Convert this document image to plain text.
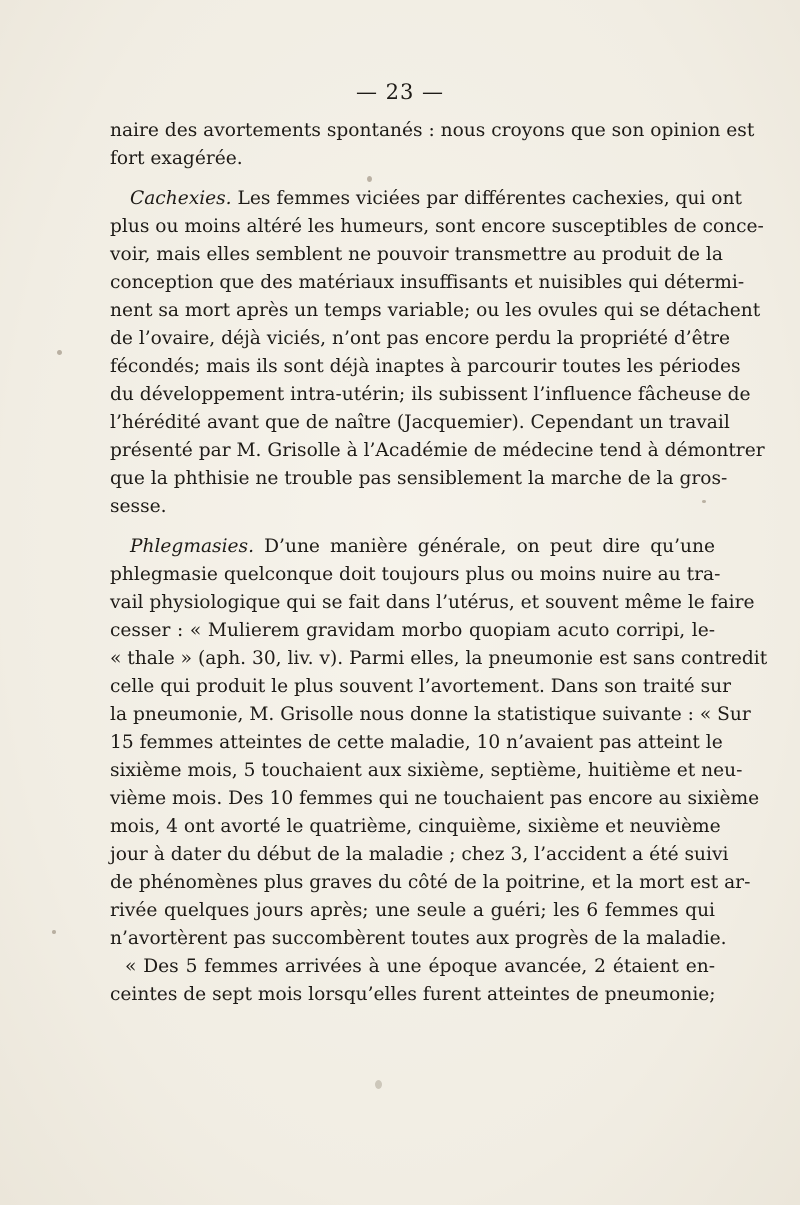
— 23 —
naire des avortements spontanés : nous croyons que son opinion est
fort exagérée.
Cachexies. Les femmes viciées par différentes cachexies, qui ont
plus ou moins altéré les humeurs, sont encore susceptibles de conce-
voir, mais elles semblent ne pouvoir transmettre au produit de la
conception que des matériaux insuffisants et nuisibles qui détermi-
nent sa mort après un temps variable; ou les ovules qui se détachent
de l’ovaire, déjà viciés, n’ont pas encore perdu la propriété d’être
fécondés; mais ils sont déjà inaptes à parcourir toutes les périodes
du développement intra-utérin; ils subissent l’influence fâcheuse de
l’hérédité avant que de naître (Jacquemier). Cependant un travail
présenté par M. Grisolle à l’Académie de médecine tend à démontrer
que la phthisie ne trouble pas sensiblement la marche de la gros-
sesse.
Phlegmasies. D’une manière générale, on peut dire qu’une
phlegmasie quelconque doit toujours plus ou moins nuire au tra-
vail physiologique qui se fait dans l’utérus, et souvent même le faire
cesser : « Mulierem gravidam morbo quopiam acuto corripi, le-
« thale » (aph. 30, liv. v). Parmi elles, la pneumonie est sans contredit
celle qui produit le plus souvent l’avortement. Dans son traité sur
la pneumonie, M. Grisolle nous donne la statistique suivante : « Sur
15 femmes atteintes de cette maladie, 10 n’avaient pas atteint le
sixième mois, 5 touchaient aux sixième, septième, huitième et neu-
vième mois. Des 10 femmes qui ne touchaient pas encore au sixième
mois, 4 ont avorté le quatrième, cinquième, sixième et neuvième
jour à dater du début de la maladie ; chez 3, l’accident a été suivi
de phénomènes plus graves du côté de la poitrine, et la mort est ar-
rivée quelques jours après; une seule a guéri; les 6 femmes qui
n’avortèrent pas succombèrent toutes aux progrès de la maladie.
« Des 5 femmes arrivées à une époque avancée, 2 étaient en-
ceintes de sept mois lorsqu’elles furent atteintes de pneumonie;
